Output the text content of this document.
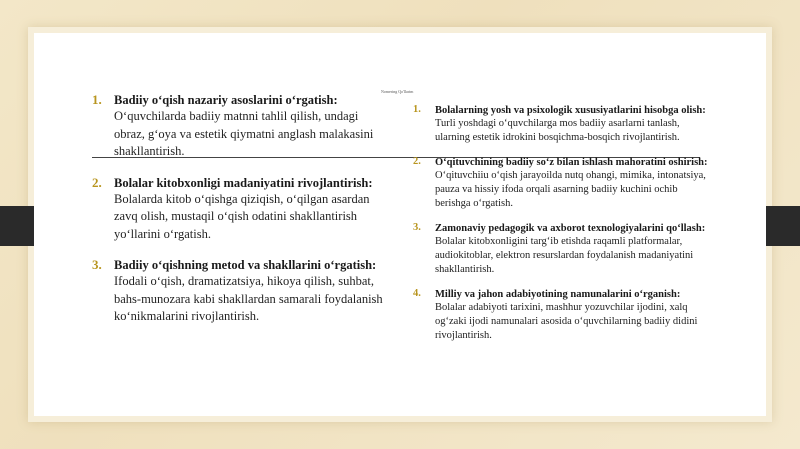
Nomering Qo'llarim
1. Badiiy o‘qish nazariy asoslarini o‘rgatish:
O‘quvchilarda badiiy matnni tahlil qilish, undagi obraz, g‘oya va estetik qiymatni anglash malakasini shakllantirish.
2. Bolalar kitobxonligi madaniyatini rivojlantirish:
Bolalarda kitob o‘qishga qiziqish, o‘qilgan asardan zavq olish, mustaqil o‘qish odatini shakllantirish yo‘llarini o‘rgatish.
3. Badiiy o‘qishning metod va shakllarini o‘rgatish:
Ifodali o‘qish, dramatizatsiya, hikoya qilish, suhbat, bahs-munozara kabi shakllardan samarali foydalanish ko‘nikmalarini rivojlantirish.
1. Bolalarning yosh va psixologik xususiyatlarini hisobga olish:
Turli yoshdagi o‘quvchilarga mos badiiy asarlarni tanlash, ularning estetik idrokini bosqichma-bosqich rivojlantirish.
2. O‘qituvchining badiiy so‘z bilan ishlash mahoratini oshirish:
O‘qituvchiiu o‘qish jarayoilda nutq ohangi, mimika, intonatsiya, pauza va hissiy ifoda orqali asarning badiiy kuchini ochib berishga o‘rgatish.
3. Zamonaviy pedagogik va axborot texnologiyalarini qo‘llash:
Bolalar kitobxonligini targ‘ib etishda raqamli platformalar, audiokitoblar, elektron resurslardan foydalanish madaniyatini shakllantirish.
4. Milliy va jahon adabiyotining namunalarini o‘rganish:
Bolalar adabiyoti tarixini, mashhur yozuvchilar ijodini, xalq og‘zaki ijodi namunalari asosida o‘quvchilarning badiiy didini rivojlantirish.
